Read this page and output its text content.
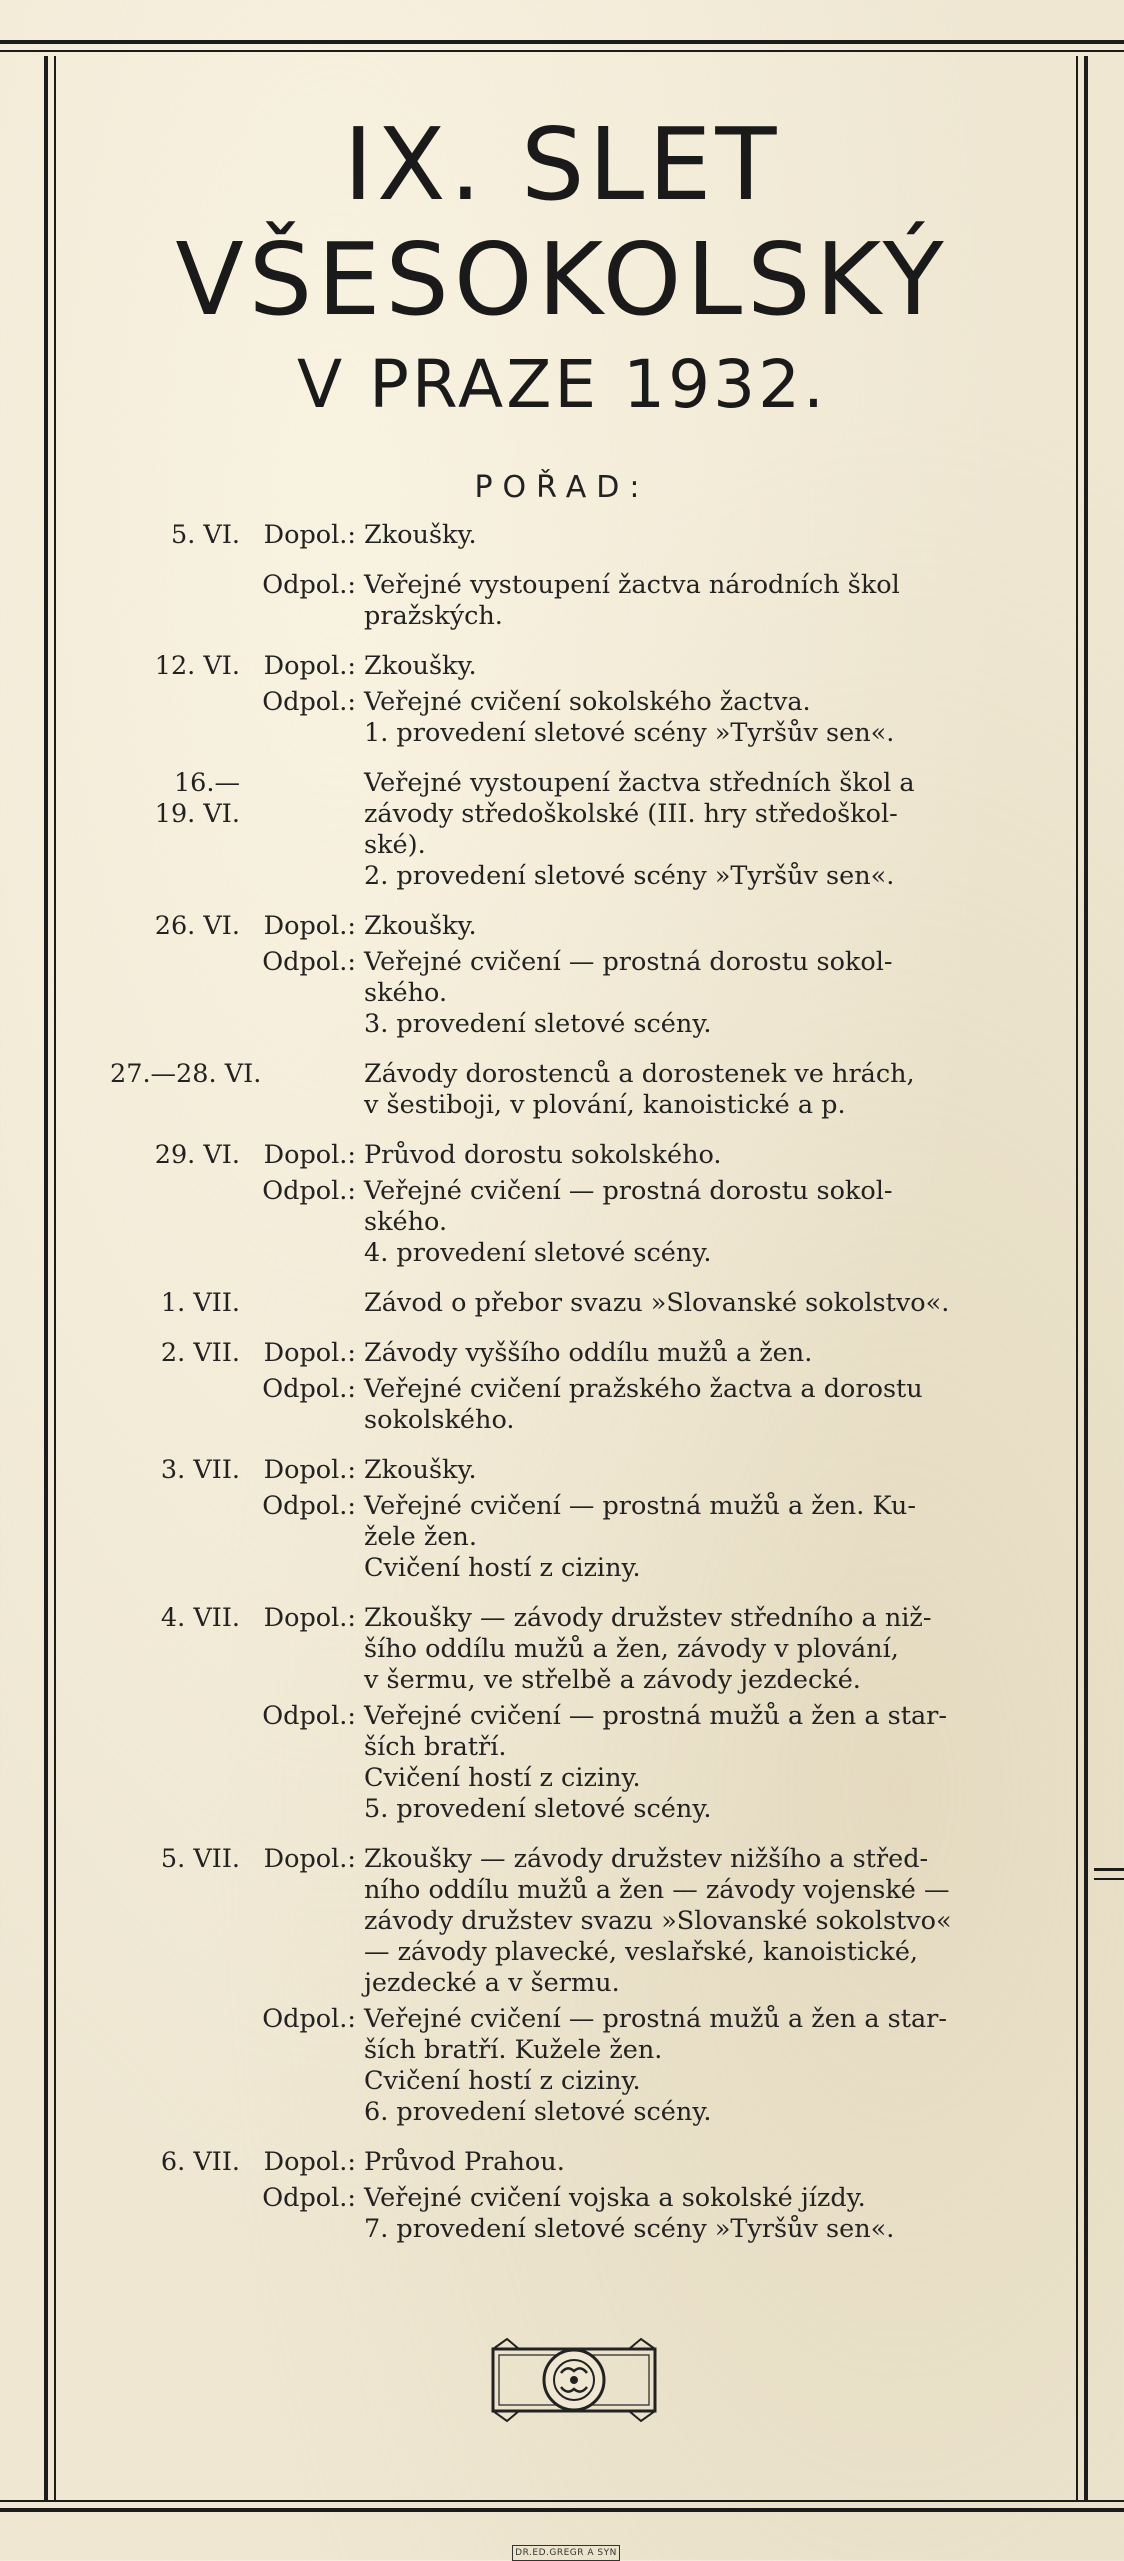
IX. SLET
VŠESOKOLSKÝ
V PRAZE 1932.
POŘAD:
5. VI. Dopol.: Zkoušky.
Odpol.: Veřejné vystoupení žactva národních škol
pražských.
12. VI. Dopol.: Zkoušky.
Odpol.: Veřejné cvičení sokolského žactva.
1. provedení sletové scény »Tyršův sen«.
16.—
19. VI.
Veřejné vystoupení žactva středních škol a
závody středoškolské (III. hry středoškol-
ské).
2. provedení sletové scény »Tyršův sen«.
26. VI. Dopol.: Zkoušky.
Odpol.: Veřejné cvičení — prostná dorostu sokol-
ského.
3. provedení sletové scény.
27.—28. VI.	Závody dorostenců a dorostenek ve hrách,
v šestiboji, v plování, kanoistické a p.
29. VI. Dopol.: Průvod dorostu sokolského.
Odpol.: Veřejné cvičení — prostná dorostu sokol-
ského.
4. provedení sletové scény.
1. VII.	Závod o přebor svazu »Slovanské sokolstvo«.
2. VII. Dopol.: Závody vyššího oddílu mužů a žen.
Odpol.: Veřejné cvičení pražského žactva a dorostu
sokolského.
3. VII. Dopol.: Zkoušky.
Odpol.: Veřejné cvičení — prostná mužů a žen. Ku-
žele žen.
Cvičení hostí z ciziny.
4. VII. Dopol.: Zkoušky — závody družstev středního a niž-
šího oddílu mužů a žen, závody v plování,
v šermu, ve střelbě a závody jezdecké.
Odpol.: Veřejné cvičení — prostná mužů a žen a star-
ších bratří.
Cvičení hostí z ciziny.
5. provedení sletové scény.
5. VII. Dopol.: Zkoušky — závody družstev nižšího a střed-
ního oddílu mužů a žen — závody vojenské —
závody družstev svazu »Slovanské sokolstvo«
— závody plavecké, veslařské, kanoistické,
jezdecké a v šermu.
Odpol.: Veřejné cvičení — prostná mužů a žen a star-
ších bratří. Kužele žen.
Cvičení hostí z ciziny.
6. provedení sletové scény.
6. VII. Dopol.: Průvod Prahou.
Odpol.: Veřejné cvičení vojska a sokolské jízdy.
7. provedení sletové scény »Tyršův sen«.
DR.ED.GREGR A SYN
